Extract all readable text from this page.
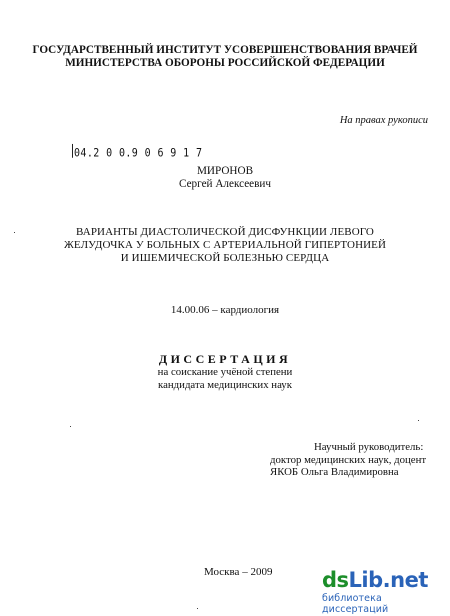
ГОСУДАРСТВЕННЫЙ ИНСТИТУТ УСОВЕРШЕНСТВОВАНИЯ ВРАЧЕЙ
МИНИСТЕРСТВА ОБОРОНЫ РОССИЙСКОЙ ФЕДЕРАЦИИ
На правах рукописи
04.2 0 0.9 0 6 9 1 7
МИРОНОВ
Сергей Алексеевич
ВАРИАНТЫ ДИАСТОЛИЧЕСКОЙ ДИСФУНКЦИИ ЛЕВОГО
ЖЕЛУДОЧКА У БОЛЬНЫХ С АРТЕРИАЛЬНОЙ ГИПЕРТОНИЕЙ
И ИШЕМИЧЕСКОЙ БОЛЕЗНЬЮ СЕРДЦА
14.00.06 – кардиология
ДИССЕРТАЦИЯ
на соискание учёной степени
кандидата медицинских наук
Научный руководитель:
доктор медицинских наук, доцент
ЯКОБ Ольга Владимировна
Москва – 2009 dsLib.net
библиотека диссертаций
